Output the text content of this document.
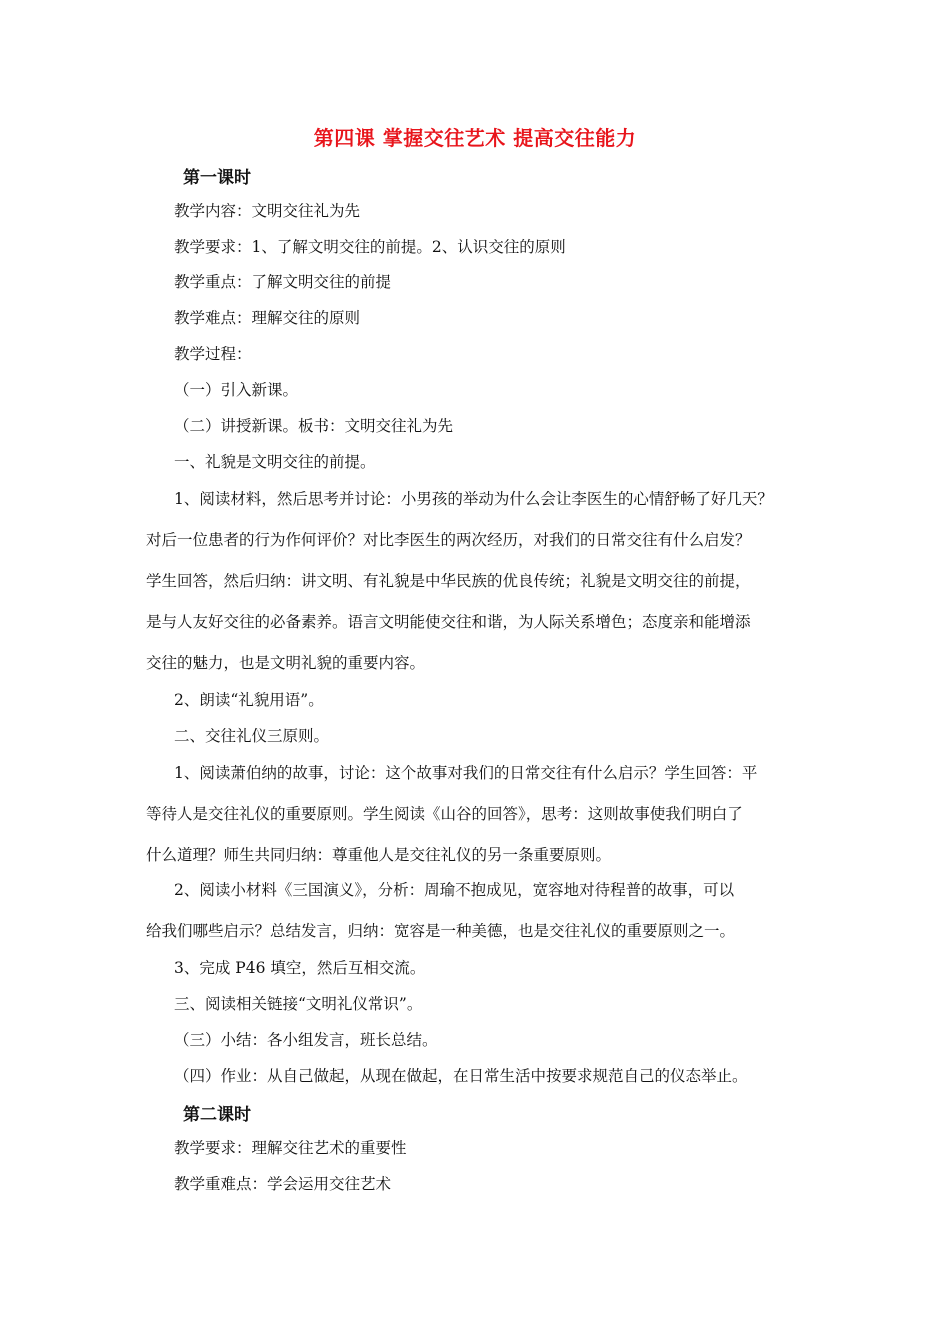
第四课 掌握交往艺术 提高交往能力
第一课时
教学内容：文明交往礼为先
教学要求：1、了解文明交往的前提。2、认识交往的原则
教学重点：了解文明交往的前提
教学难点：理解交往的原则
教学过程：
（一）引入新课。
（二）讲授新课。板书：文明交往礼为先
一、礼貌是文明交往的前提。
1、阅读材料，然后思考并讨论：小男孩的举动为什么会让李医生的心情舒畅了好几天？
对后一位患者的行为作何评价？对比李医生的两次经历，对我们的日常交往有什么启发？
学生回答，然后归纳：讲文明、有礼貌是中华民族的优良传统；礼貌是文明交往的前提，
是与人友好交往的必备素养。语言文明能使交往和谐，为人际关系增色；态度亲和能增添
交往的魅力，也是文明礼貌的重要内容。
2、朗读“礼貌用语”。
二、交往礼仪三原则。
1、阅读萧伯纳的故事，讨论：这个故事对我们的日常交往有什么启示？学生回答：平
等待人是交往礼仪的重要原则。学生阅读《山谷的回答》，思考：这则故事使我们明白了
什么道理？师生共同归纳：尊重他人是交往礼仪的另一条重要原则。
2、阅读小材料《三国演义》，分析：周瑜不抱成见，宽容地对待程普的故事，可以
给我们哪些启示？总结发言，归纳：宽容是一种美德，也是交往礼仪的重要原则之一。
3、完成 P46 填空，然后互相交流。
三、阅读相关链接“文明礼仪常识”。
（三）小结：各小组发言，班长总结。
（四）作业：从自己做起，从现在做起，在日常生活中按要求规范自己的仪态举止。
第二课时
教学要求：理解交往艺术的重要性
教学重难点：学会运用交往艺术
